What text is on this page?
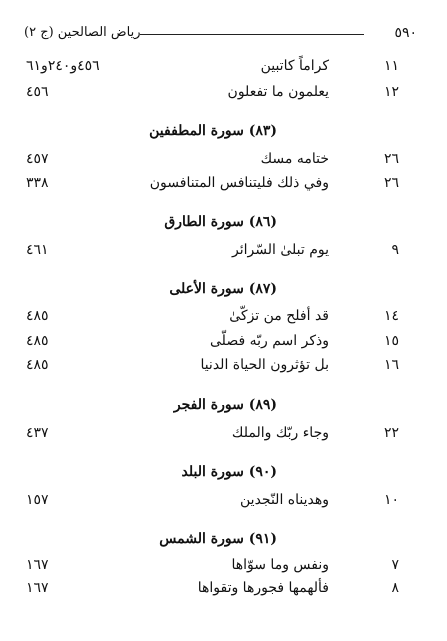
٥٩٠
رياض الصالحين (ج ٢)
١١
كراماً كاتبين
٤٥٦و٢٤٠و٦١
١٢
يعلمون ما تفعلون
٤٥٦
(٨٣) سورة المطففين
٢٦
ختامه مسك
٤٥٧
٢٦
وفي ذلك فليتنافس المتنافسون
٣٣٨
(٨٦) سورة الطارق
٩
يوم تبلىٰ السّرائر
٤٦١
(٨٧) سورة الأعلى
١٤
قد أفلح من تزكّىٰ
٤٨٥
١٥
وذكر اسم ربّه فصلّى
٤٨٥
١٦
بل تؤثرون الحياة الدنيا
٤٨٥
(٨٩) سورة الفجر
٢٢
وجاء ربّك والملك
٤٣٧
(٩٠) سورة البلد
١٠
وهديناه النّجدين
١٥٧
(٩١) سورة الشمس
٧
ونفس وما سوّاها
١٦٧
٨
فألهمها فجورها وتقواها
١٦٧
